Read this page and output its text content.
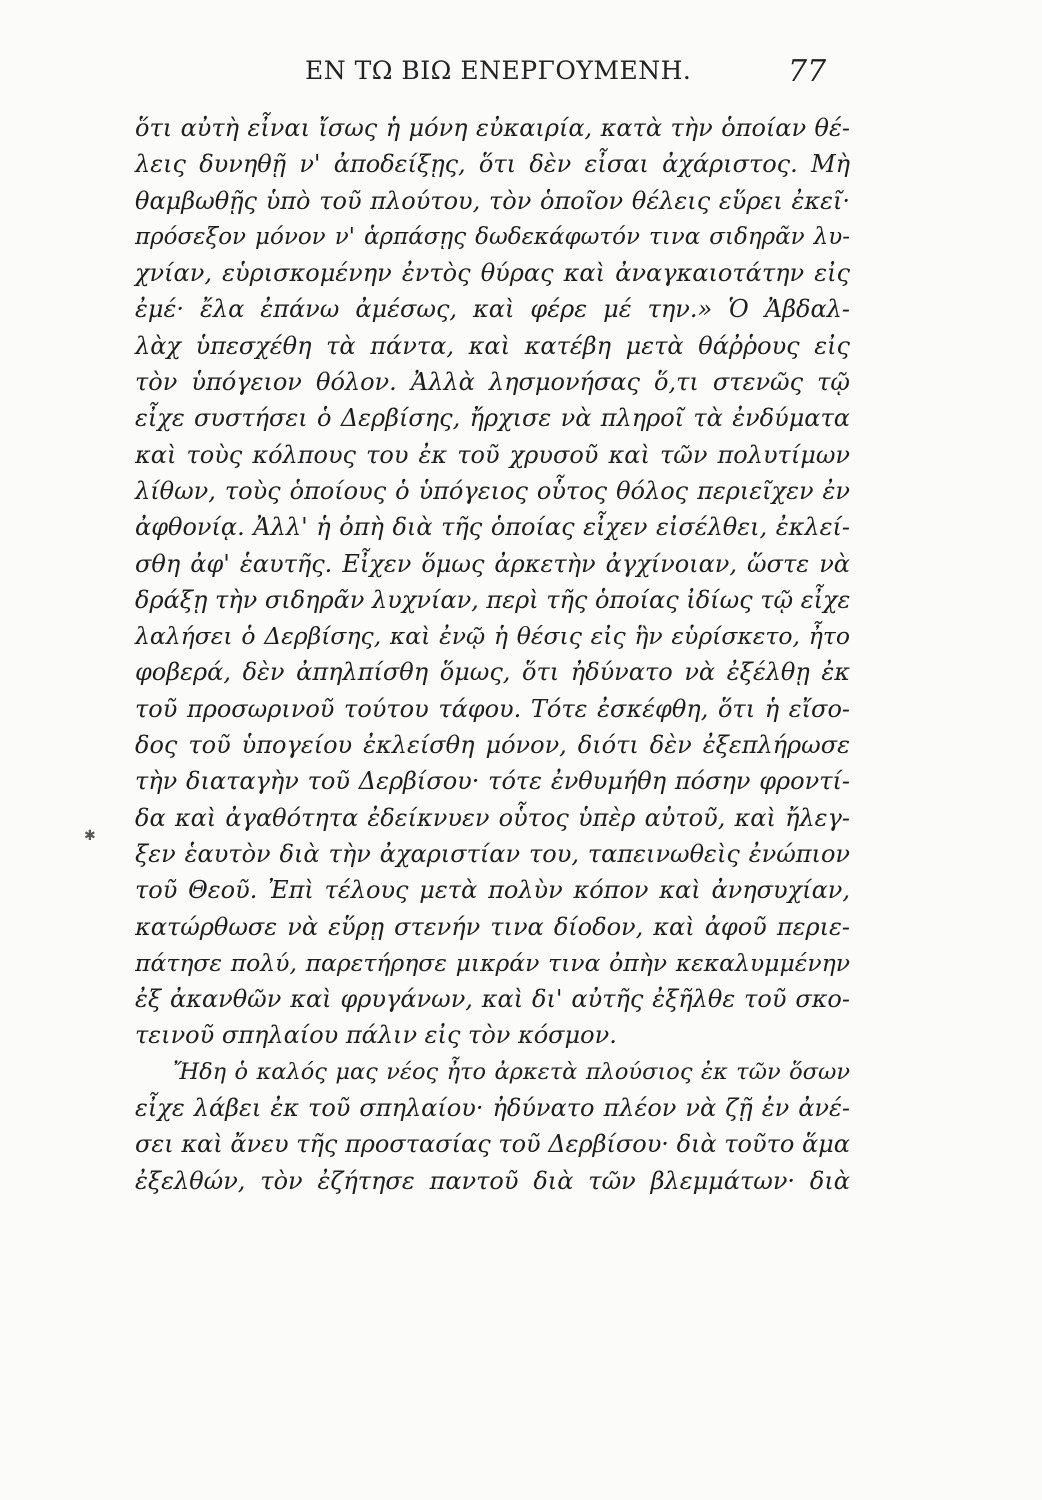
ΕΝ ΤΩ ΒΙΩ ΕΝΕΡΓΟΥΜΕΝΗ.	77
✱
ὅτι αὐτὴ εἶναι ἴσως ἡ μόνη εὐκαιρία, κατὰ τὴν ὁποίαν θέ-
λεις δυνηθῇ ν' ἀποδείξῃς, ὅτι δὲν εἶσαι ἀχάριστος. Μὴ
θαμβωθῇς ὑπὸ τοῦ πλούτου, τὸν ὁποῖον θέλεις εὕρει ἐκεῖ·
πρόσεξον μόνον ν' ἁρπάσῃς δωδεκάφωτόν τινα σιδηρᾶν λυ-
χνίαν, εὑρισκομένην ἐντὸς θύρας καὶ ἀναγκαιοτάτην εἰς
ἐμέ· ἔλα ἐπάνω ἀμέσως, καὶ φέρε μέ την.» Ὁ Ἀβδαλ-
λὰχ ὑπεσχέθη τὰ πάντα, καὶ κατέβη μετὰ θάῤῥους εἰς
τὸν ὑπόγειον θόλον. Ἀλλὰ λησμονήσας ὅ,τι στενῶς τῷ
εἶχε συστήσει ὁ Δερβίσης, ἤρχισε νὰ πληροῖ τὰ ἐνδύματα
καὶ τοὺς κόλπους του ἐκ τοῦ χρυσοῦ καὶ τῶν πολυτίμων
λίθων, τοὺς ὁποίους ὁ ὑπόγειος οὗτος θόλος περιεῖχεν ἐν
ἀφθονίᾳ. Ἀλλ' ἡ ὀπὴ διὰ τῆς ὁποίας εἶχεν εἰσέλθει, ἐκλεί-
σθη ἀφ' ἑαυτῆς. Εἶχεν ὅμως ἀρκετὴν ἀγχίνοιαν, ὥστε νὰ
δράξῃ τὴν σιδηρᾶν λυχνίαν, περὶ τῆς ὁποίας ἰδίως τῷ εἶχε
λαλήσει ὁ Δερβίσης, καὶ ἐνῷ ἡ θέσις εἰς ἣν εὑρίσκετο, ἦτο
φοβερά, δὲν ἀπηλπίσθη ὅμως, ὅτι ἠδύνατο νὰ ἐξέλθῃ ἐκ
τοῦ προσωρινοῦ τούτου τάφου. Τότε ἐσκέφθη, ὅτι ἡ εἴσο-
δος τοῦ ὑπογείου ἐκλείσθη μόνον, διότι δὲν ἐξεπλήρωσε
τὴν διαταγὴν τοῦ Δερβίσου· τότε ἐνθυμήθη πόσην φροντί-
δα καὶ ἀγαθότητα ἐδείκνυεν οὗτος ὑπὲρ αὐτοῦ, καὶ ἤλεγ-
ξεν ἑαυτὸν διὰ τὴν ἀχαριστίαν του, ταπεινωθεὶς ἐνώπιον
τοῦ Θεοῦ. Ἐπὶ τέλους μετὰ πολὺν κόπον καὶ ἀνησυχίαν,
κατώρθωσε νὰ εὕρῃ στενήν τινα δίοδον, καὶ ἀφοῦ περιε-
πάτησε πολύ, παρετήρησε μικράν τινα ὀπὴν κεκαλυμμένην
ἐξ ἀκανθῶν καὶ φρυγάνων, καὶ δι' αὐτῆς ἐξῆλθε τοῦ σκο-
τεινοῦ σπηλαίου πάλιν εἰς τὸν κόσμον.
Ἤδη ὁ καλός μας νέος ἦτο ἀρκετὰ πλούσιος ἐκ τῶν ὅσων
εἶχε λάβει ἐκ τοῦ σπηλαίου· ἠδύνατο πλέον νὰ ζῇ ἐν ἀνέ-
σει καὶ ἄνευ τῆς προστασίας τοῦ Δερβίσου· διὰ τοῦτο ἅμα
ἐξελθών, τὸν ἐζήτησε παντοῦ διὰ τῶν βλεμμάτων· διὰ
